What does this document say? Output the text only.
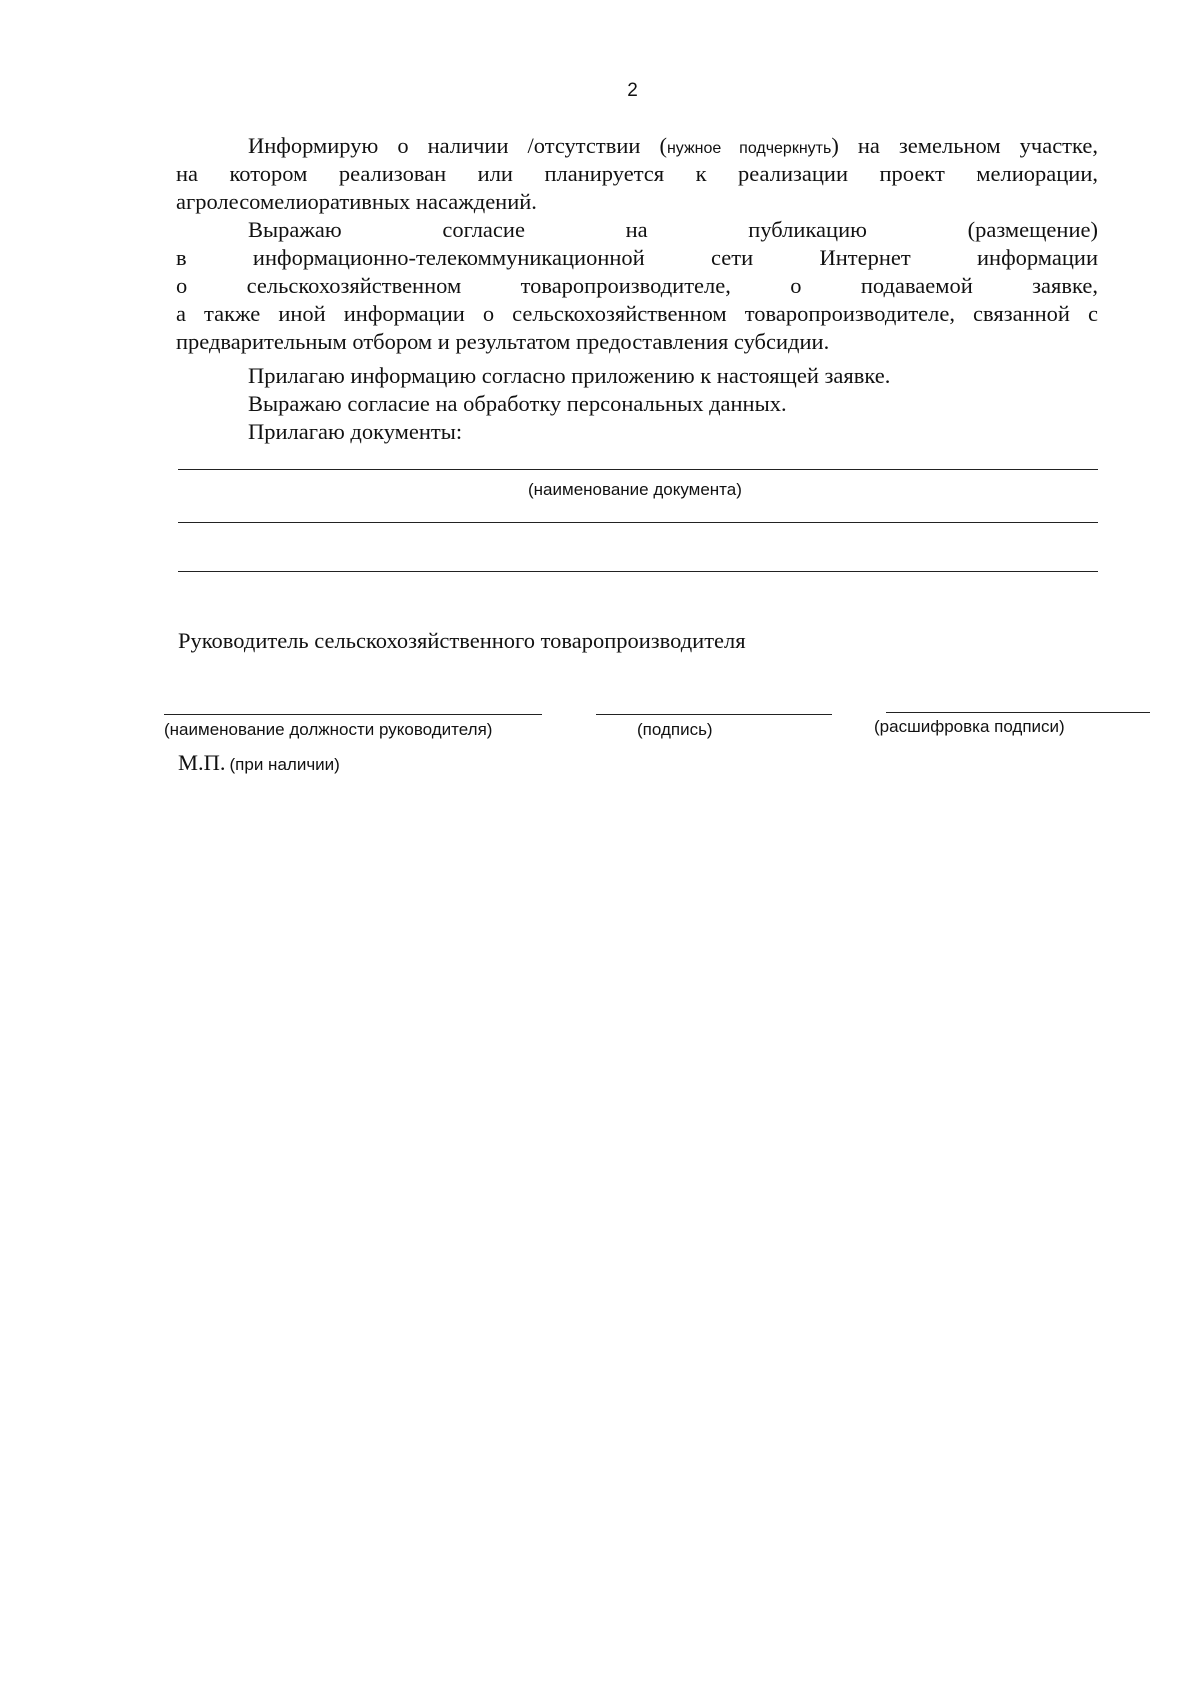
2
Информирую о наличии /отсутствии (нужное подчеркнуть) на земельном участке,
на котором реализован или планируется к реализации проект мелиорации,
агролесомелиоративных насаждений.
Выражаю согласие на публикацию (размещение)
в информационно-телекоммуникационной сети Интернет информации
о сельскохозяйственном товаропроизводителе, о подаваемой заявке,
а также иной информации о сельскохозяйственном товаропроизводителе, связанной с
предварительным отбором и результатом предоставления субсидии.
Прилагаю информацию согласно приложению к настоящей заявке.
Выражаю согласие на обработку персональных данных.
Прилагаю документы:
(наименование документа)
Руководитель сельскохозяйственного товаропроизводителя
(наименование должности руководителя)	(подпись)	(расшифровка подписи)
М.П. (при наличии)
